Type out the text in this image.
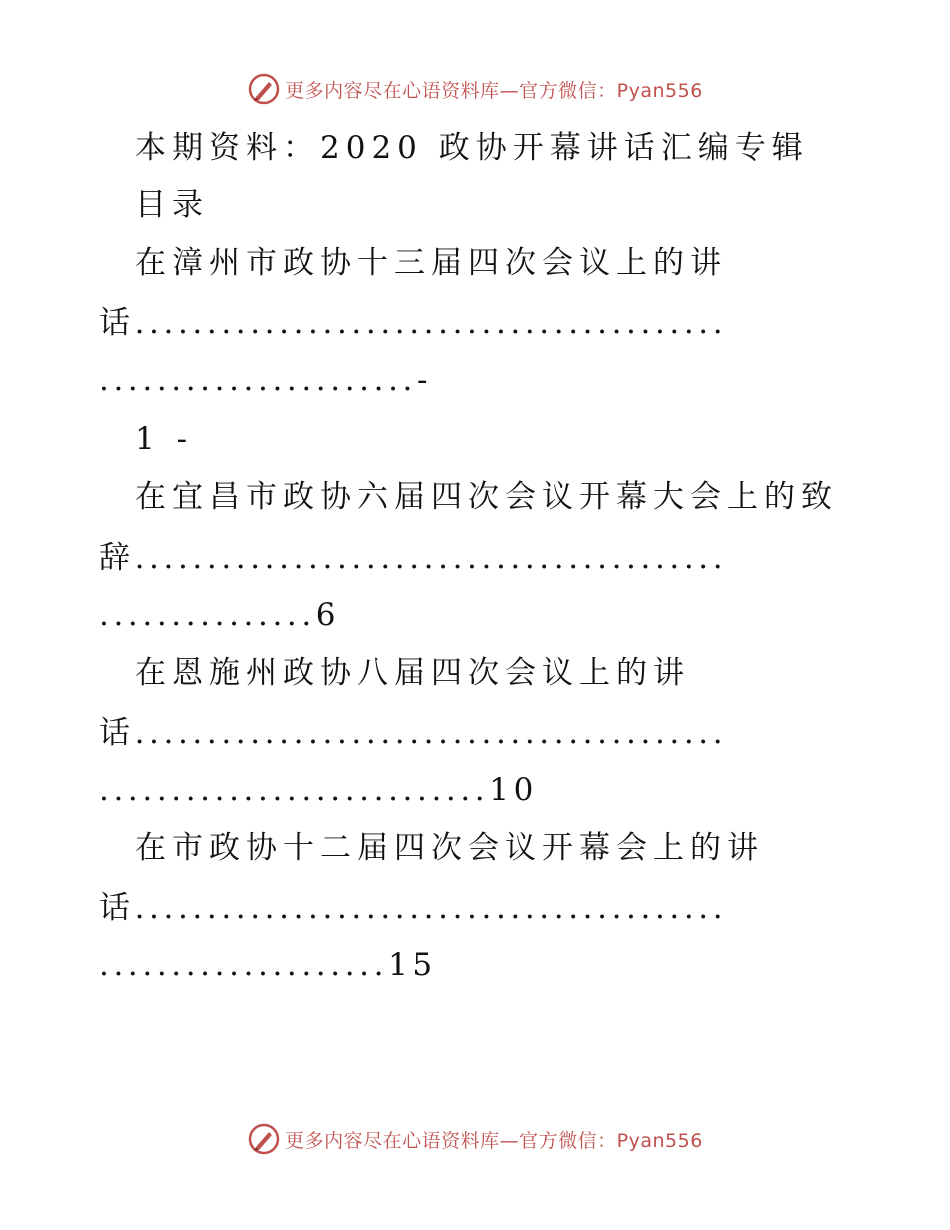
更多内容尽在心语资料库—官方微信：Pyan556
本期资料：2020 政协开幕讲话汇编专辑
目录
在漳州市政协十三届四次会议上的讲
话.........................................
......................-
1 -
在宜昌市政协六届四次会议开幕大会上的致
辞.........................................
...............6
在恩施州政协八届四次会议上的讲
话.........................................
...........................10
在市政协十二届四次会议开幕会上的讲
话.........................................
....................15
更多内容尽在心语资料库—官方微信：Pyan556
